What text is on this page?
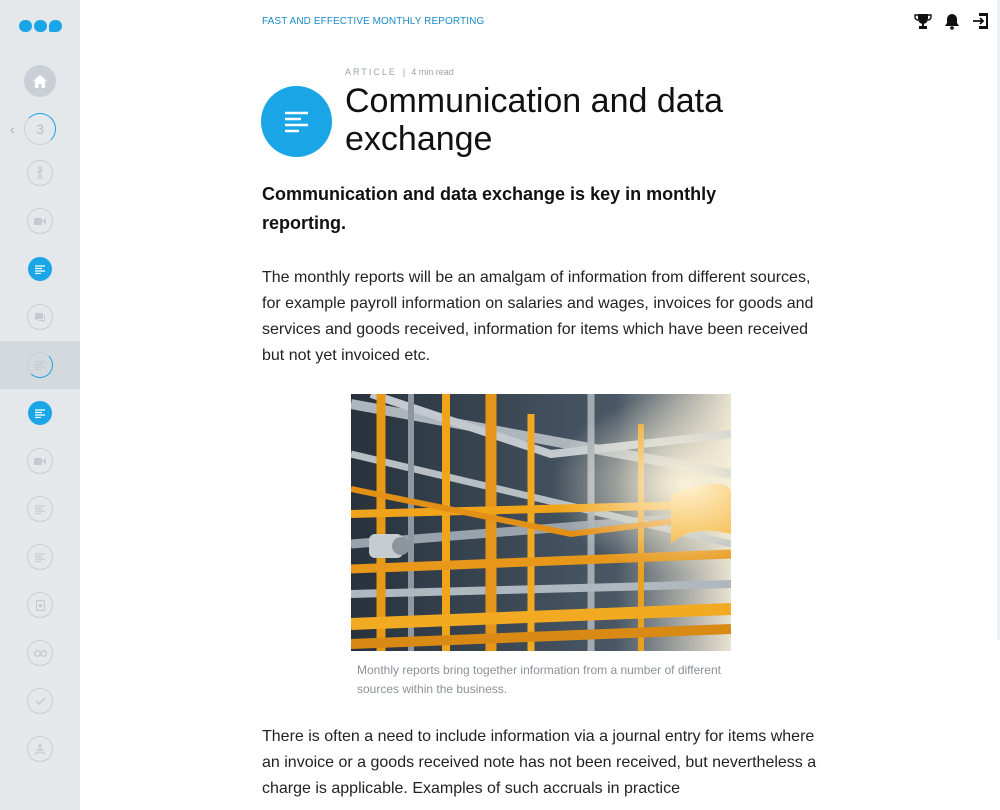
‹ 3
FAST AND EFFECTIVE MONTHLY REPORTING
ARTICLE | 4 min read
Communication and data exchange

Communication and data exchange is key in monthly reporting.

The monthly reports will be an amalgam of information from different sources, for example payroll information on salaries and wages, invoices for goods and services and goods received, information for items which have been received but not yet invoiced etc.

Monthly reports bring together information from a number of different sources within the business.

There is often a need to include information via a journal entry for items where an invoice or a goods received note has not been received, but nevertheless a charge is applicable. Examples of such accruals in practice
